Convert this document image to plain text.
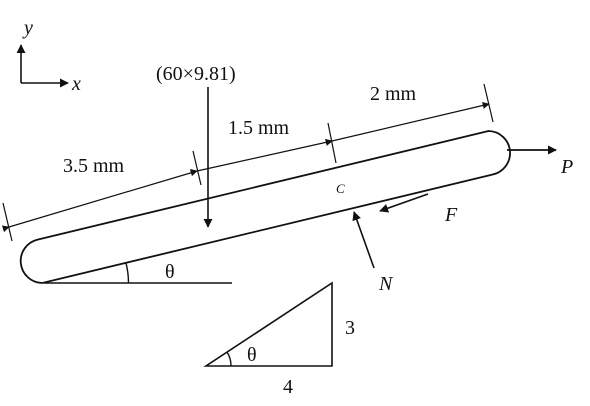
y
x
C
θ
3.5 mm
1.5 mm
2 mm
(60×9.81)
P
F
N
θ
3
4
